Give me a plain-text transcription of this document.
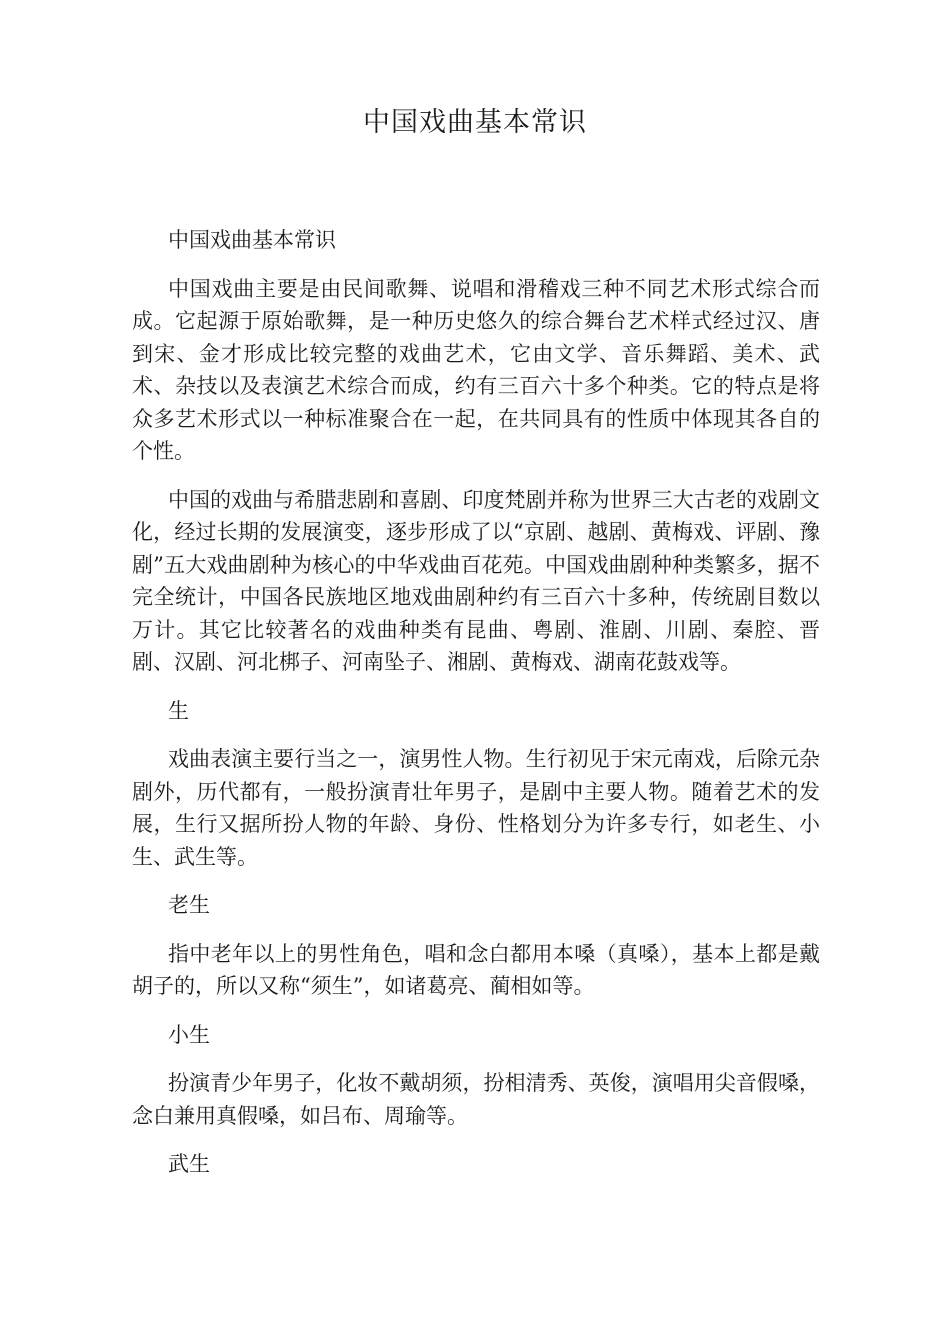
中国戏曲基本常识

中国戏曲基本常识

中国戏曲主要是由民间歌舞、说唱和滑稽戏三种不同艺术形式综合而成。它起源于原始歌舞，是一种历史悠久的综合舞台艺术样式经过汉、唐到宋、金才形成比较完整的戏曲艺术，它由文学、音乐舞蹈、美术、武术、杂技以及表演艺术综合而成，约有三百六十多个种类。它的特点是将众多艺术形式以一种标准聚合在一起，在共同具有的性质中体现其各自的个性。

中国的戏曲与希腊悲剧和喜剧、印度梵剧并称为世界三大古老的戏剧文化，经过长期的发展演变，逐步形成了以“京剧、越剧、黄梅戏、评剧、豫剧”五大戏曲剧种为核心的中华戏曲百花苑。中国戏曲剧种种类繁多，据不完全统计，中国各民族地区地戏曲剧种约有三百六十多种，传统剧目数以万计。其它比较著名的戏曲种类有昆曲、粤剧、淮剧、川剧、秦腔、晋剧、汉剧、河北梆子、河南坠子、湘剧、黄梅戏、湖南花鼓戏等。

生

戏曲表演主要行当之一，演男性人物。生行初见于宋元南戏，后除元杂剧外，历代都有，一般扮演青壮年男子，是剧中主要人物。随着艺术的发展，生行又据所扮人物的年龄、身份、性格划分为许多专行，如老生、小生、武生等。

老生

指中老年以上的男性角色，唱和念白都用本嗓（真嗓），基本上都是戴胡子的，所以又称“须生”，如诸葛亮、蔺相如等。

小生

扮演青少年男子，化妆不戴胡须，扮相清秀、英俊，演唱用尖音假嗓，念白兼用真假嗓，如吕布、周瑜等。

武生
